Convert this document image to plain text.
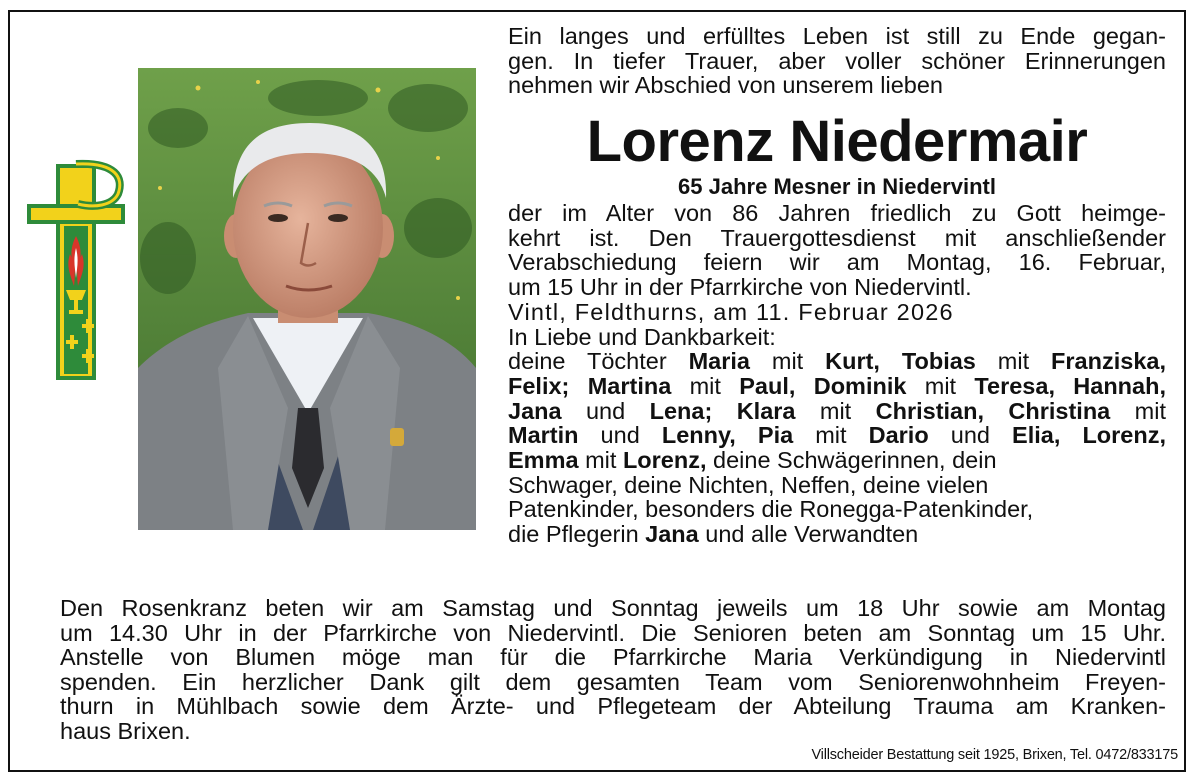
Ein langes und erfülltes Leben ist still zu Ende gegan-
gen. In tiefer Trauer, aber voller schöner Erinnerungen
nehmen wir Abschied von unserem lieben
Lorenz Niedermair
65 Jahre Mesner in Niedervintl
der im Alter von 86 Jahren friedlich zu Gott heimge-
kehrt ist. Den Trauergottesdienst mit anschließender
Verabschiedung feiern wir am Montag, 16. Februar,
um 15 Uhr in der Pfarrkirche von Niedervintl.
Vintl, Feldthurns, am 11. Februar 2026
In Liebe und Dankbarkeit:
deine Töchter Maria mit Kurt, Tobias mit Franziska,
Felix; Martina mit Paul, Dominik mit Teresa, Hannah,
Jana und Lena; Klara mit Christian, Christina mit
Martin und Lenny, Pia mit Dario und Elia, Lorenz,
Emma mit Lorenz, deine Schwägerinnen, dein
Schwager, deine Nichten, Neffen, deine vielen
Patenkinder, besonders die Ronegga-Patenkinder,
die Pflegerin Jana und alle Verwandten
Den Rosenkranz beten wir am Samstag und Sonntag jeweils um 18 Uhr sowie am Montag
um 14.30 Uhr in der Pfarrkirche von Niedervintl. Die Senioren beten am Sonntag um 15 Uhr.
Anstelle von Blumen möge man für die Pfarrkirche Maria Verkündigung in Niedervintl
spenden. Ein herzlicher Dank gilt dem gesamten Team vom Seniorenwohnheim Freyen-
thurn in Mühlbach sowie dem Ärzte- und Pflegeteam der Abteilung Trauma am Kranken-
haus Brixen.
Villscheider Bestattung seit 1925, Brixen, Tel. 0472/833175
